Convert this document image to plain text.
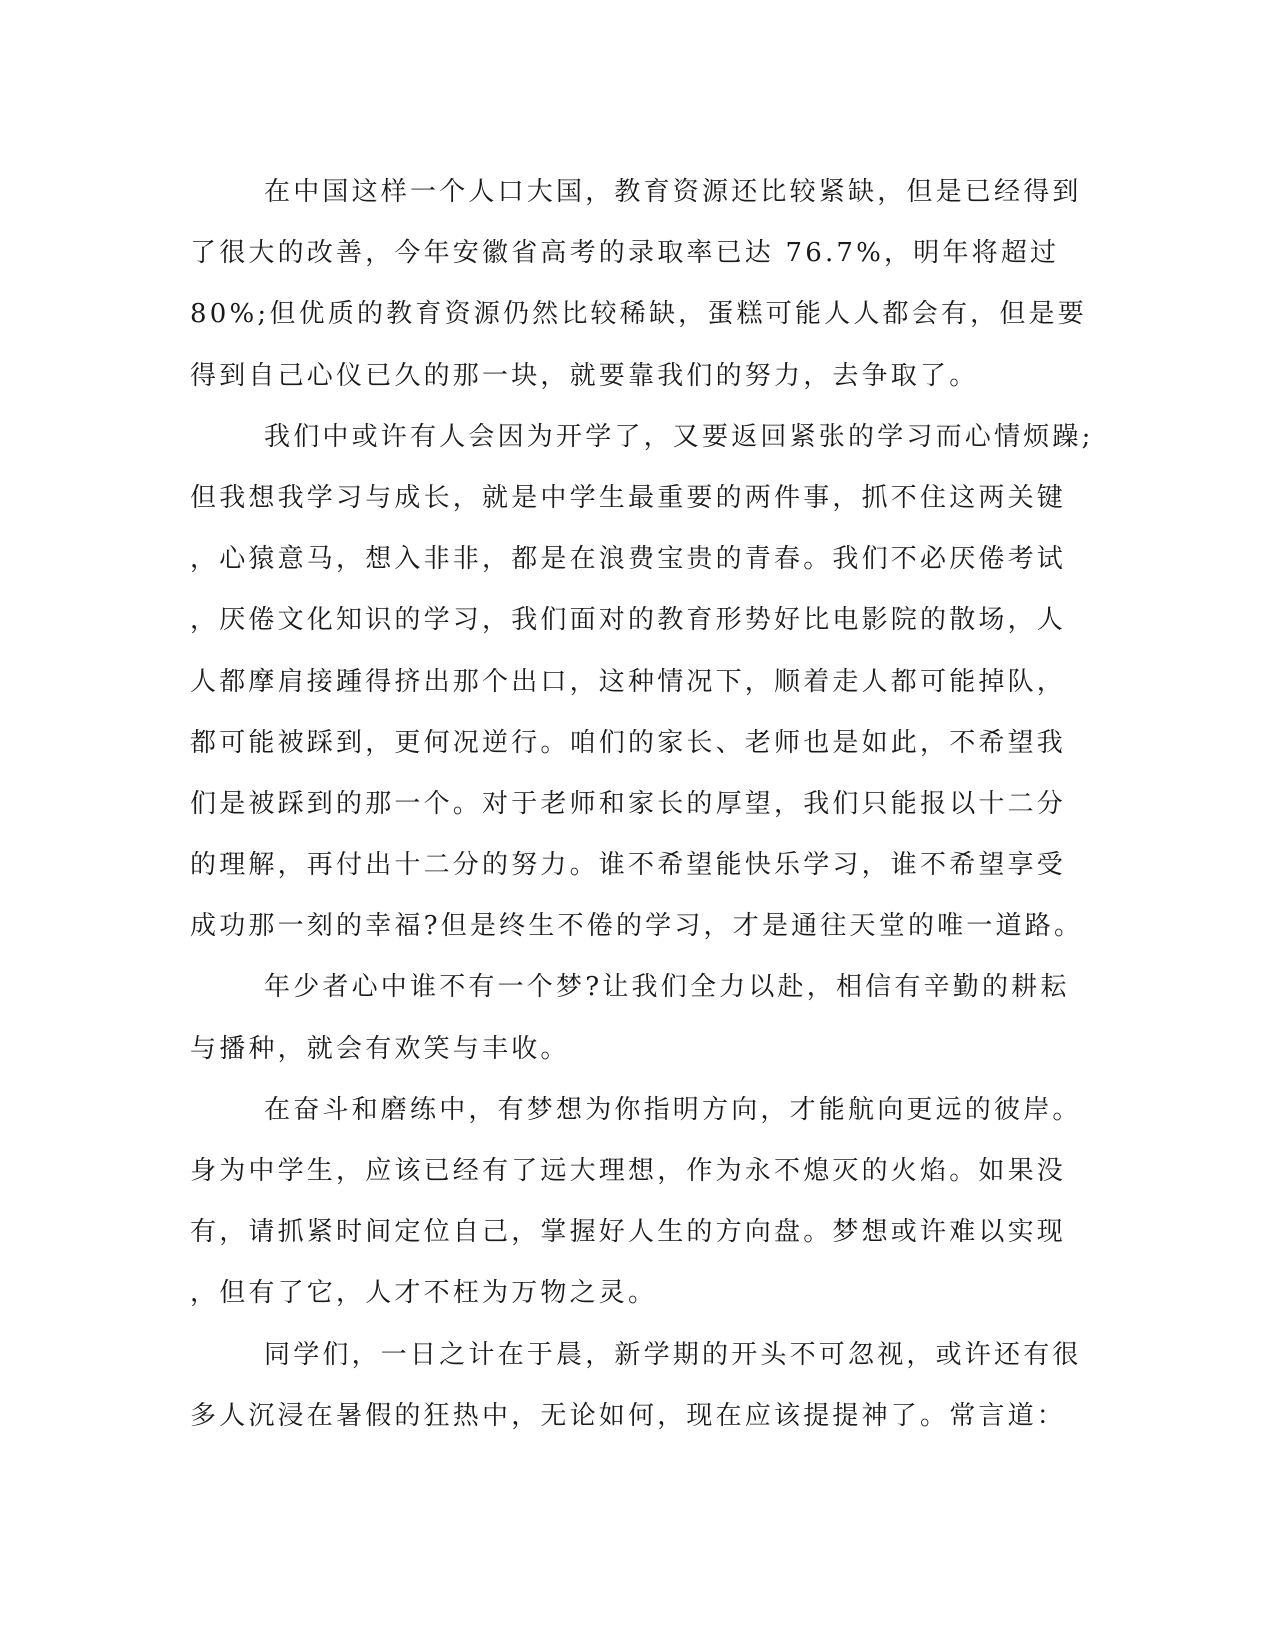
在中国这样一个人口大国，教育资源还比较紧缺，但是已经得到
了很大的改善，今年安徽省高考的录取率已达 76.7%，明年将超过
80%;但优质的教育资源仍然比较稀缺，蛋糕可能人人都会有，但是要
得到自己心仪已久的那一块，就要靠我们的努力，去争取了。
我们中或许有人会因为开学了，又要返回紧张的学习而心情烦躁;
但我想我学习与成长，就是中学生最重要的两件事，抓不住这两关键
，心猿意马，想入非非，都是在浪费宝贵的青春。我们不必厌倦考试
，厌倦文化知识的学习，我们面对的教育形势好比电影院的散场，人
人都摩肩接踵得挤出那个出口，这种情况下，顺着走人都可能掉队，
都可能被踩到，更何况逆行。咱们的家长、老师也是如此，不希望我
们是被踩到的那一个。对于老师和家长的厚望，我们只能报以十二分
的理解，再付出十二分的努力。谁不希望能快乐学习，谁不希望享受
成功那一刻的幸福?但是终生不倦的学习，才是通往天堂的唯一道路。
年少者心中谁不有一个梦?让我们全力以赴，相信有辛勤的耕耘
与播种，就会有欢笑与丰收。
在奋斗和磨练中，有梦想为你指明方向，才能航向更远的彼岸。
身为中学生，应该已经有了远大理想，作为永不熄灭的火焰。如果没
有，请抓紧时间定位自己，掌握好人生的方向盘。梦想或许难以实现
，但有了它，人才不枉为万物之灵。
同学们，一日之计在于晨，新学期的开头不可忽视，或许还有很
多人沉浸在暑假的狂热中，无论如何，现在应该提提神了。常言道：
